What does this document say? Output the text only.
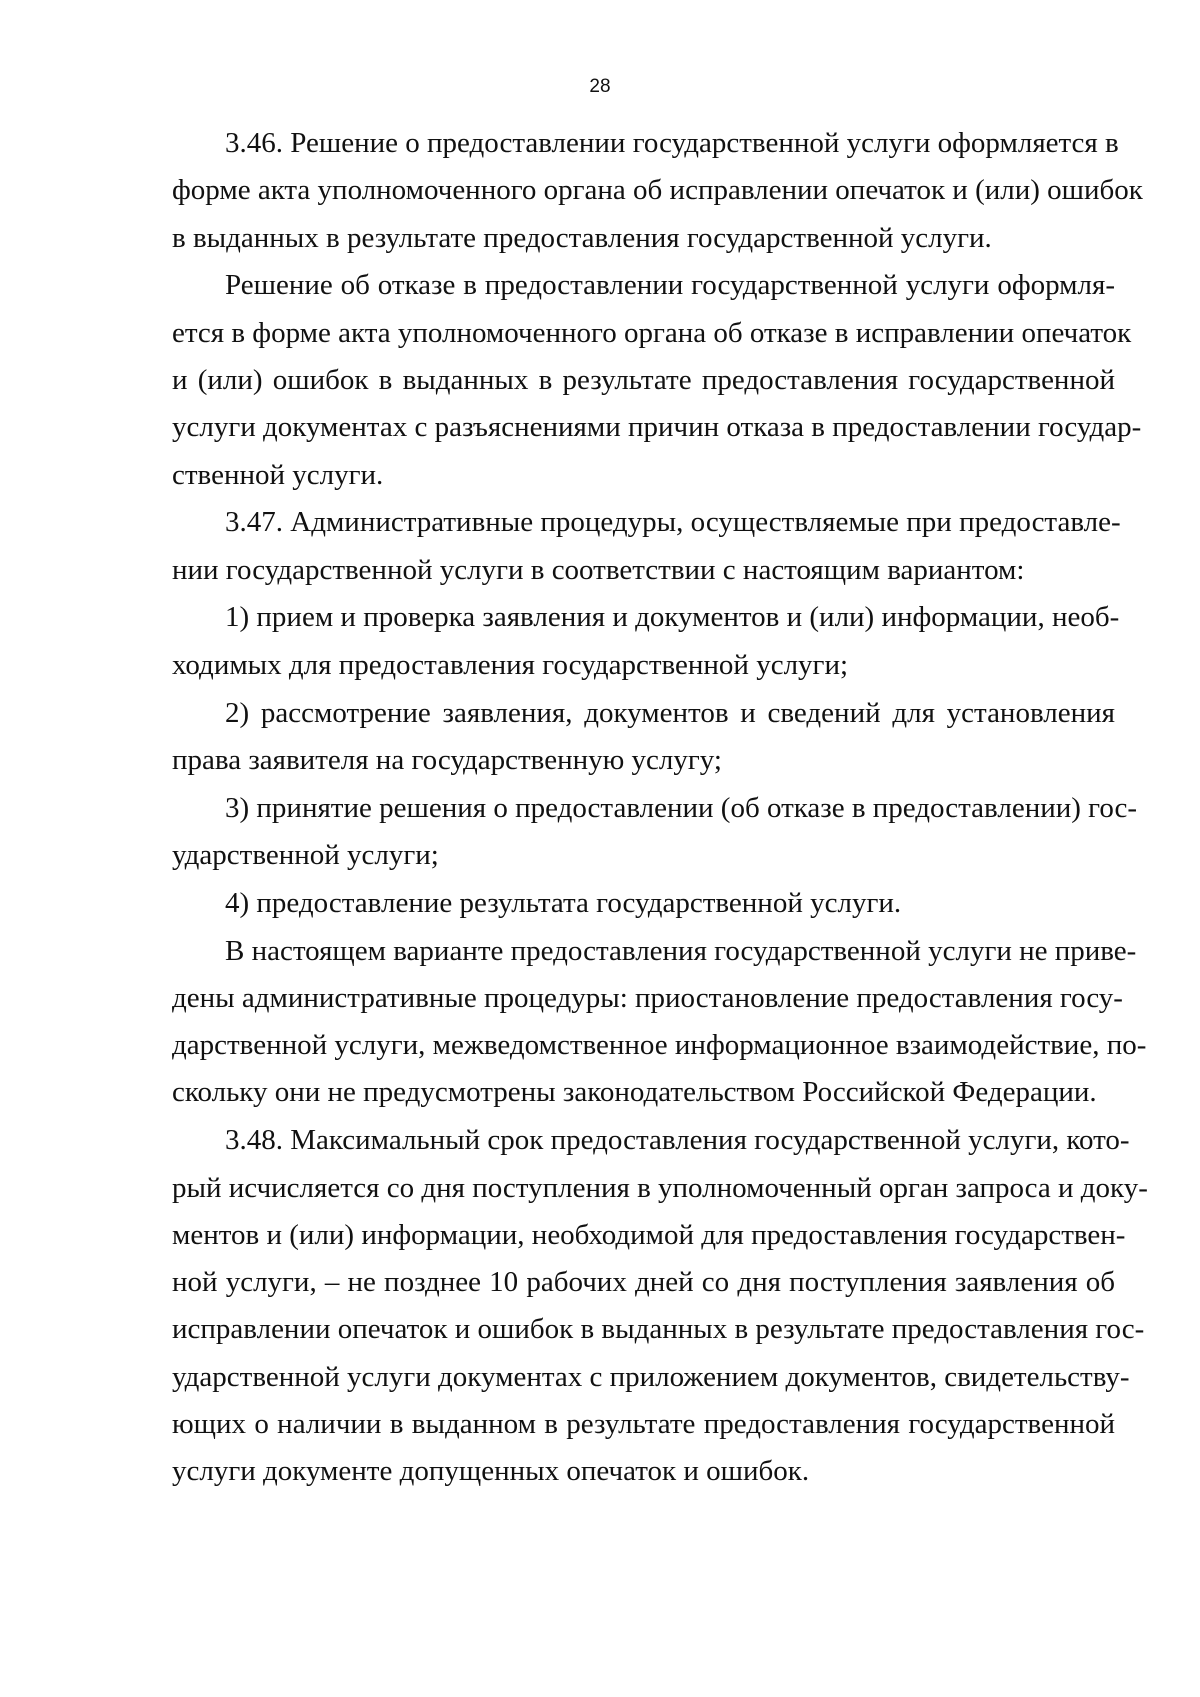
28
3.46. Решение о предоставлении государственной услуги оформляется в
форме акта уполномоченного органа об исправлении опечаток и (или) ошибок
в выданных в результате предоставления государственной услуги.
Решение об отказе в предоставлении государственной услуги оформля-
ется в форме акта уполномоченного органа об отказе в исправлении опечаток
и (или) ошибок в выданных в результате предоставления государственной
услуги документах с разъяснениями причин отказа в предоставлении государ-
ственной услуги.
3.47. Административные процедуры, осуществляемые при предоставле-
нии государственной услуги в соответствии с настоящим вариантом:
1) прием и проверка заявления и документов и (или) информации, необ-
ходимых для предоставления государственной услуги;
2) рассмотрение заявления, документов и сведений для установления
права заявителя на государственную услугу;
3) принятие решения о предоставлении (об отказе в предоставлении) гос-
ударственной услуги;
4) предоставление результата государственной услуги.
В настоящем варианте предоставления государственной услуги не приве-
дены административные процедуры: приостановление предоставления госу-
дарственной услуги, межведомственное информационное взаимодействие, по-
скольку они не предусмотрены законодательством Российской Федерации.
3.48. Максимальный срок предоставления государственной услуги, кото-
рый исчисляется со дня поступления в уполномоченный орган запроса и доку-
ментов и (или) информации, необходимой для предоставления государствен-
ной услуги, – не позднее 10 рабочих дней со дня поступления заявления об
исправлении опечаток и ошибок в выданных в результате предоставления гос-
ударственной услуги документах с приложением документов, свидетельству-
ющих о наличии в выданном в результате предоставления государственной
услуги документе допущенных опечаток и ошибок.
